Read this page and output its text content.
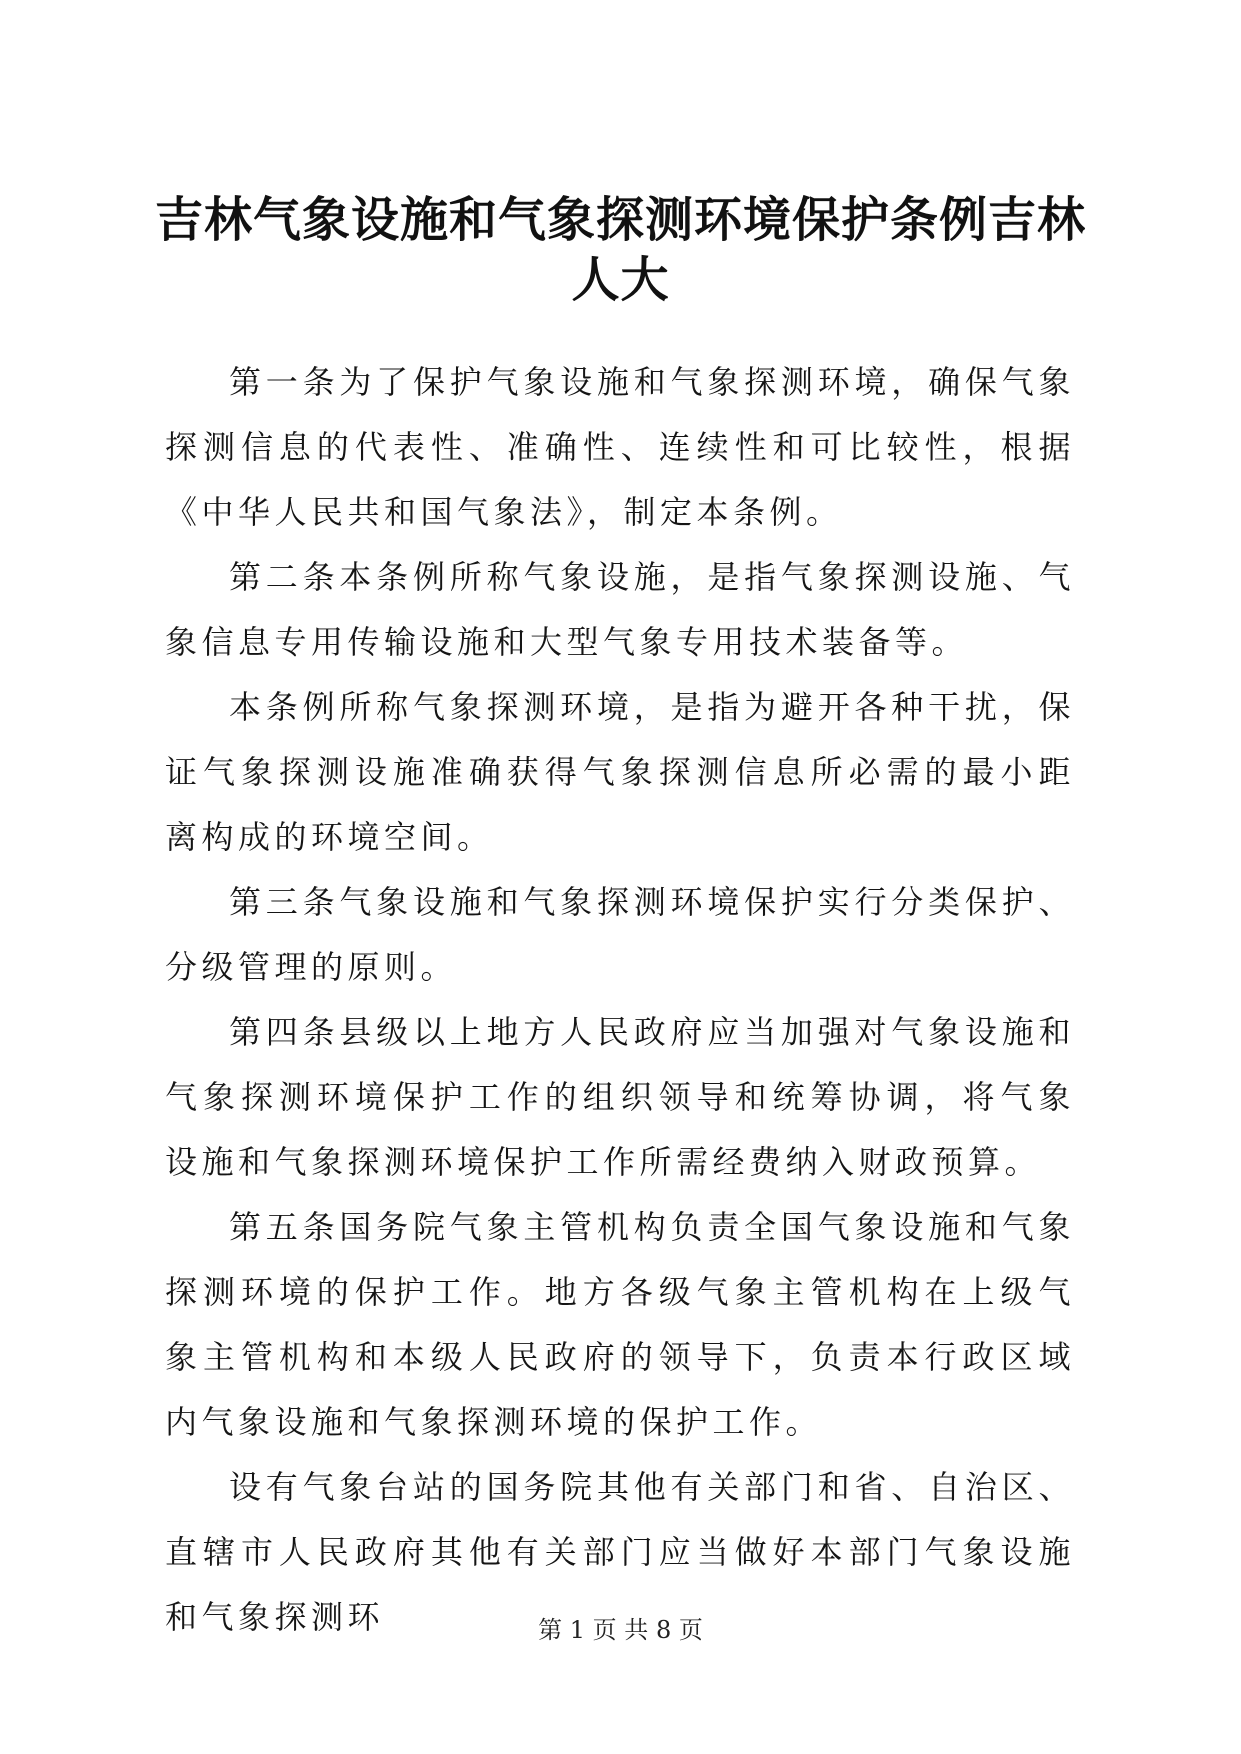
吉林气象设施和气象探测环境保护条例吉林人大

第一条为了保护气象设施和气象探测环境，确保气象探测信息的代表性、准确性、连续性和可比较性，根据《中华人民共和国气象法》，制定本条例。

第二条本条例所称气象设施，是指气象探测设施、气象信息专用传输设施和大型气象专用技术装备等。

本条例所称气象探测环境，是指为避开各种干扰，保证气象探测设施准确获得气象探测信息所必需的最小距离构成的环境空间。

第三条气象设施和气象探测环境保护实行分类保护、分级管理的原则。

第四条县级以上地方人民政府应当加强对气象设施和气象探测环境保护工作的组织领导和统筹协调，将气象设施和气象探测环境保护工作所需经费纳入财政预算。

第五条国务院气象主管机构负责全国气象设施和气象探测环境的保护工作。地方各级气象主管机构在上级气象主管机构和本级人民政府的领导下，负责本行政区域内气象设施和气象探测环境的保护工作。

设有气象台站的国务院其他有关部门和省、自治区、直辖市人民政府其他有关部门应当做好本部门气象设施和气象探测环	第 1 页 共 8 页
